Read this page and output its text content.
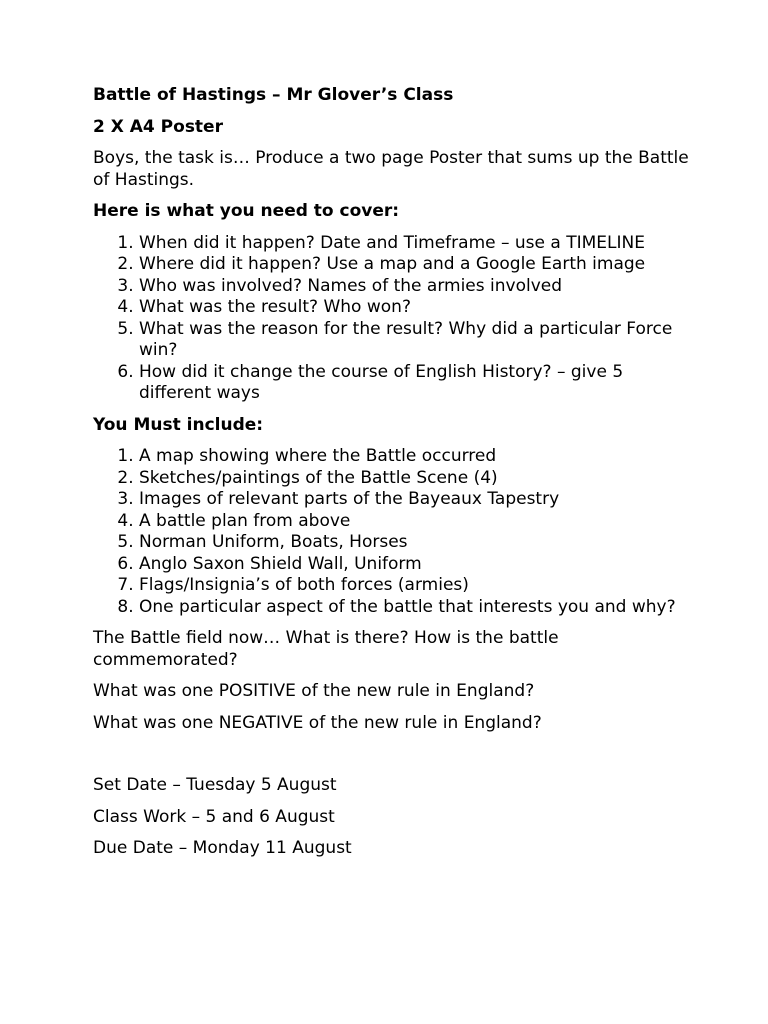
Battle of Hastings – Mr Glover’s Class

2 X A4 Poster

Boys, the task is… Produce a two page Poster that sums up the Battle of Hastings.

Here is what you need to cover:

1. When did it happen? Date and Timeframe – use a TIMELINE
2. Where did it happen? Use a map and a Google Earth image
3. Who was involved? Names of the armies involved
4. What was the result? Who won?
5. What was the reason for the result? Why did a particular Force win?
6. How did it change the course of English History? – give 5 different ways

You Must include:

1. A map showing where the Battle occurred
2. Sketches/paintings of the Battle Scene (4)
3. Images of relevant parts of the Bayeaux Tapestry
4. A battle plan from above
5. Norman Uniform, Boats, Horses
6. Anglo Saxon Shield Wall, Uniform
7. Flags/Insignia’s of both forces (armies)
8. One particular aspect of the battle that interests you and why?

The Battle field now… What is there? How is the battle commemorated?

What was one POSITIVE of the new rule in England?

What was one NEGATIVE of the new rule in England?

Set Date – Tuesday 5 August

Class Work – 5 and 6 August

Due Date – Monday 11 August
